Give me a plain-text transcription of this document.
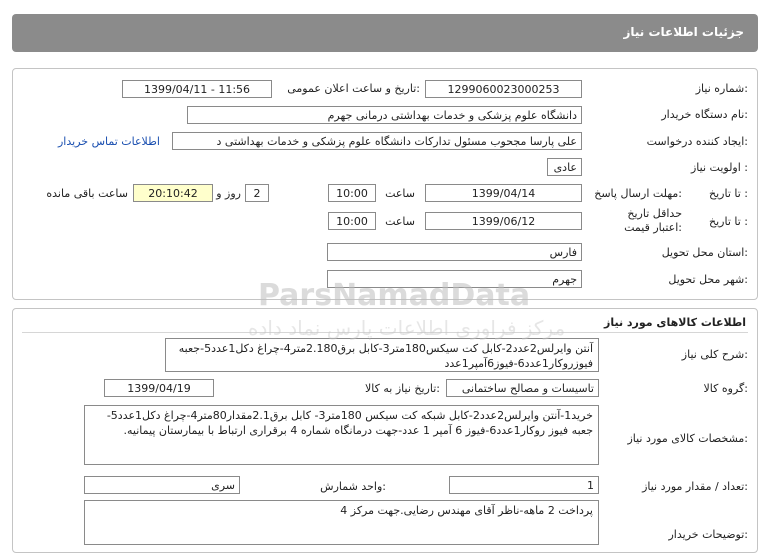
جزئیات اطلاعات نیاز
شماره نیاز:
1299060023000253
تاریخ و ساعت اعلان عمومی:
1399/04/11 - 11:56
نام دستگاه خریدار:
دانشگاه علوم پزشکی و خدمات بهداشتی درمانی جهرم
ایجاد کننده درخواست:
علی پارسا مجحوب مسئول تدارکات دانشگاه علوم پزشکی و خدمات بهداشتی د
اطلاعات تماس خریدار
اولویت نیاز :
عادی
مهلت ارسال پاسخ: تا تاریخ :
1399/04/14
ساعت
10:00
2
روز و
20:10:42
ساعت باقی مانده
حداقل تاریخ اعتبار قیمت: تا تاریخ :
1399/06/12
ساعت
10:00
استان محل تحویل:
فارس
شهر محل تحویل:
جهرم
اطلاعات کالاهای مورد نیاز
شرح کلی نیاز:
آنتن وایرلس2عدد2-کابل کت سیکس180متر3-کابل برق2.180متر4-چراغ دکل1عدد5-جعبه فیوزروکار1عدد6-فیوز6آمپر1عدد
گروه کالا:
تاسیسات و مصالح ساختمانی
تاریخ نیاز به کالا:
1399/04/19
مشخصات کالای مورد نیاز:
خرید1-آنتن وایرلس2عدد2-کابل شبکه کت سیکس 180متر3- کابل برق2.1مقدار80متر4-چراغ دکل1عدد5-جعبه فیوز روکار1عدد6-فیوز 6 آمپر 1 عدد-جهت درمانگاه شماره 4 برقراری ارتباط با بیمارستان پیمانیه.
تعداد / مقدار مورد نیاز:
1
واحد شمارش:
سری
توضیحات خریدار:
پرداخت 2 ماهه-ناظر آقای مهندس رضایی.جهت مرکز 4
ParsNamadData
مرکز فراوری اطلاعات پارس نماد داده
